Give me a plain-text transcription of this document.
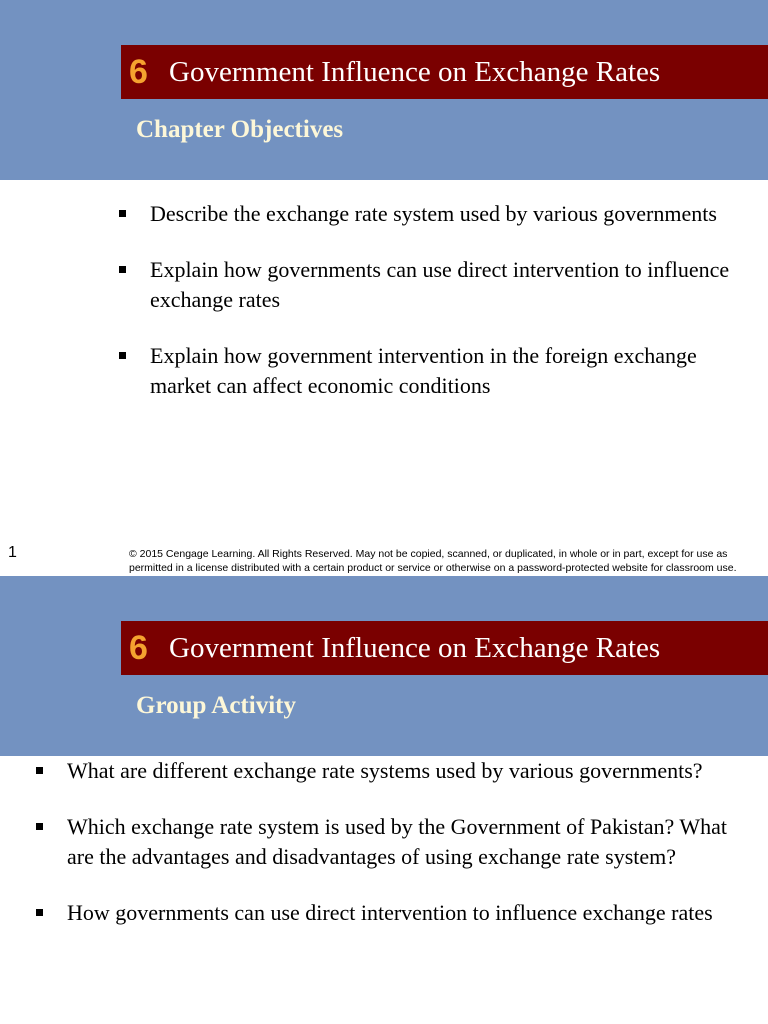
6 Government Influence on Exchange Rates
Chapter Objectives
Describe the exchange rate system used by various governments
Explain how governments can use direct intervention to influence exchange rates
Explain how government intervention in the foreign exchange market can affect economic conditions
1	© 2015 Cengage Learning. All Rights Reserved. May not be copied, scanned, or duplicated, in whole or in part, except for use as permitted in a license distributed with a certain product or service or otherwise on a password-protected website for classroom use.
6 Government Influence on Exchange Rates
Group Activity
What are different exchange rate systems used by various governments?
Which exchange rate system is used by the Government of Pakistan? What are the advantages and disadvantages of using exchange rate system?
How governments can use direct intervention to influence exchange rates
